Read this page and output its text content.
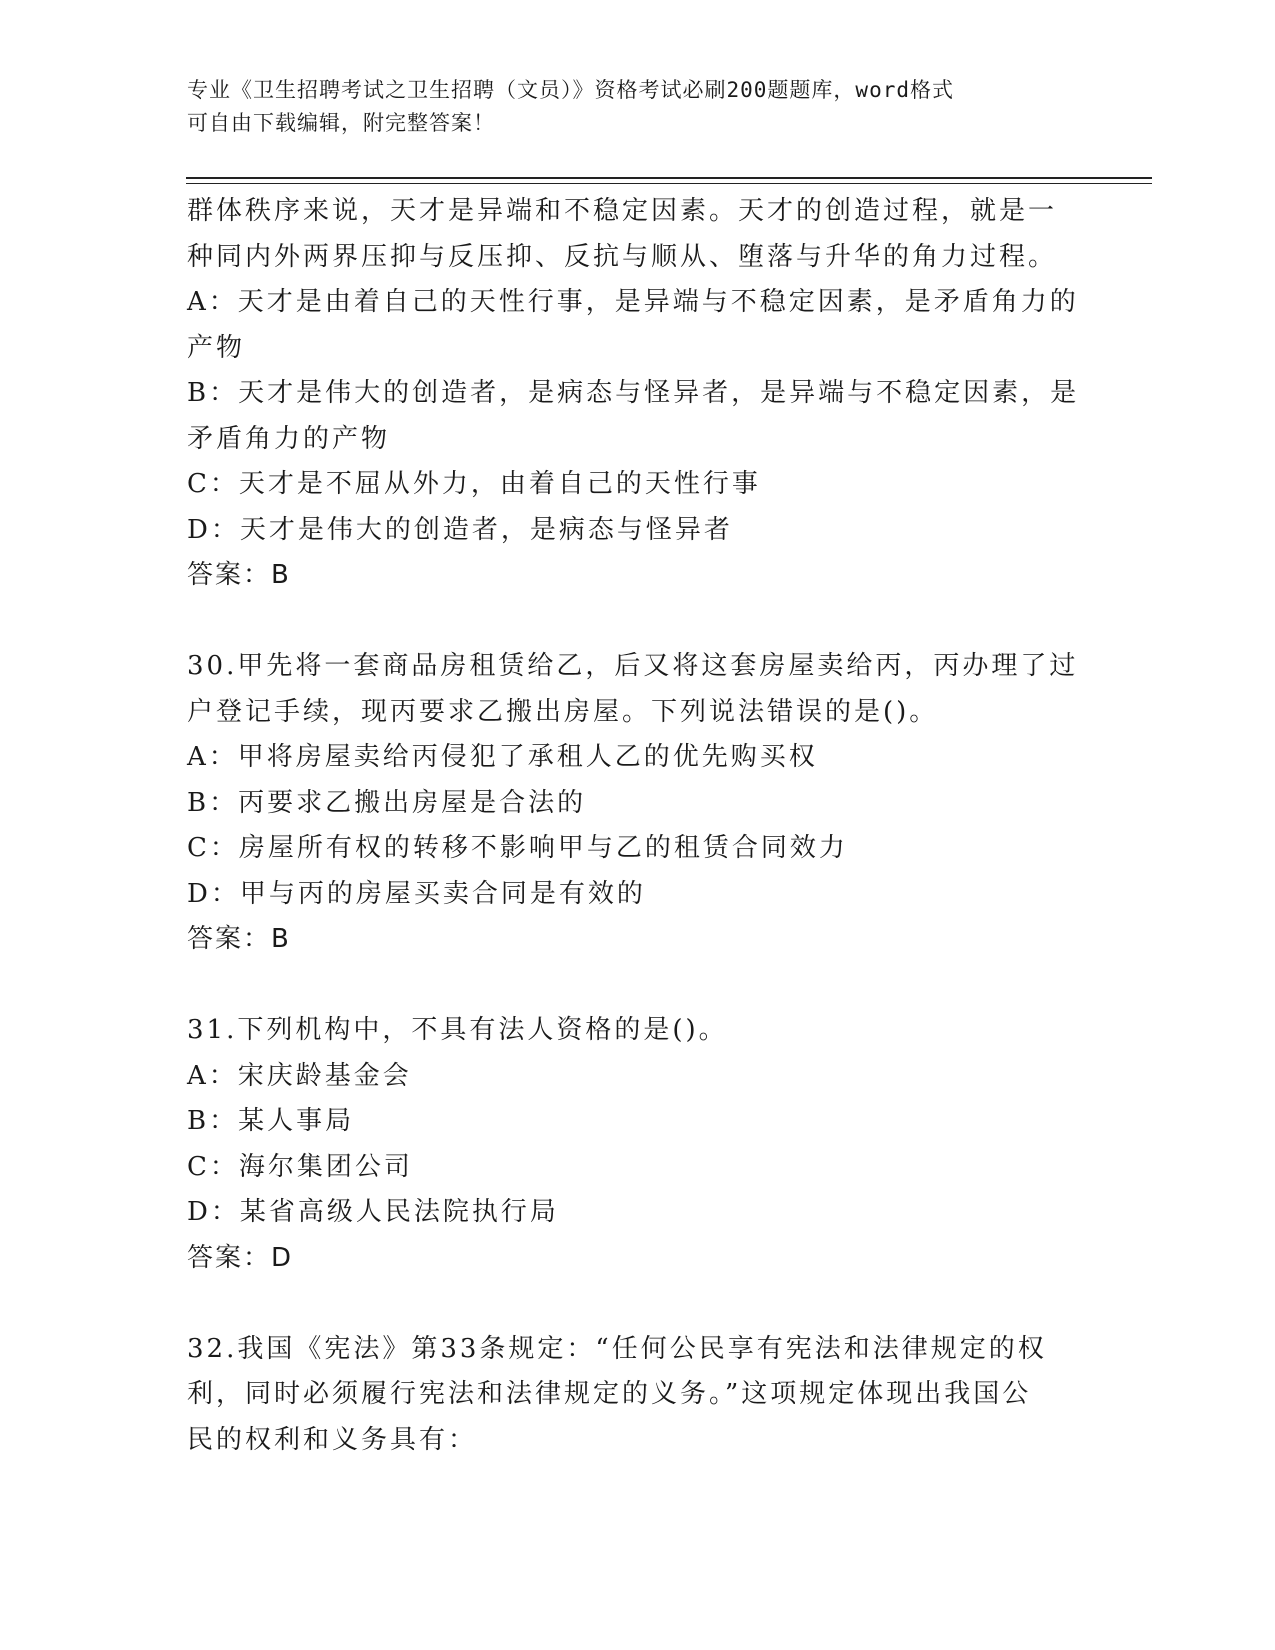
专业《卫生招聘考试之卫生招聘（文员）》资格考试必刷200题题库，word格式
可自由下载编辑，附完整答案！
群体秩序来说，天才是异端和不稳定因素。天才的创造过程，就是一
种同内外两界压抑与反压抑、反抗与顺从、堕落与升华的角力过程。
A：天才是由着自己的天性行事，是异端与不稳定因素，是矛盾角力的
产物
B：天才是伟大的创造者，是病态与怪异者，是异端与不稳定因素，是
矛盾角力的产物
C：天才是不屈从外力，由着自己的天性行事
D：天才是伟大的创造者，是病态与怪异者
答案：B
30.甲先将一套商品房租赁给乙，后又将这套房屋卖给丙，丙办理了过
户登记手续，现丙要求乙搬出房屋。下列说法错误的是()。
A：甲将房屋卖给丙侵犯了承租人乙的优先购买权
B：丙要求乙搬出房屋是合法的
C：房屋所有权的转移不影响甲与乙的租赁合同效力
D：甲与丙的房屋买卖合同是有效的
答案：B
31.下列机构中，不具有法人资格的是()。
A：宋庆龄基金会
B：某人事局
C：海尔集团公司
D：某省高级人民法院执行局
答案：D
32.我国《宪法》第33条规定：“任何公民享有宪法和法律规定的权
利，同时必须履行宪法和法律规定的义务。”这项规定体现出我国公
民的权利和义务具有：
